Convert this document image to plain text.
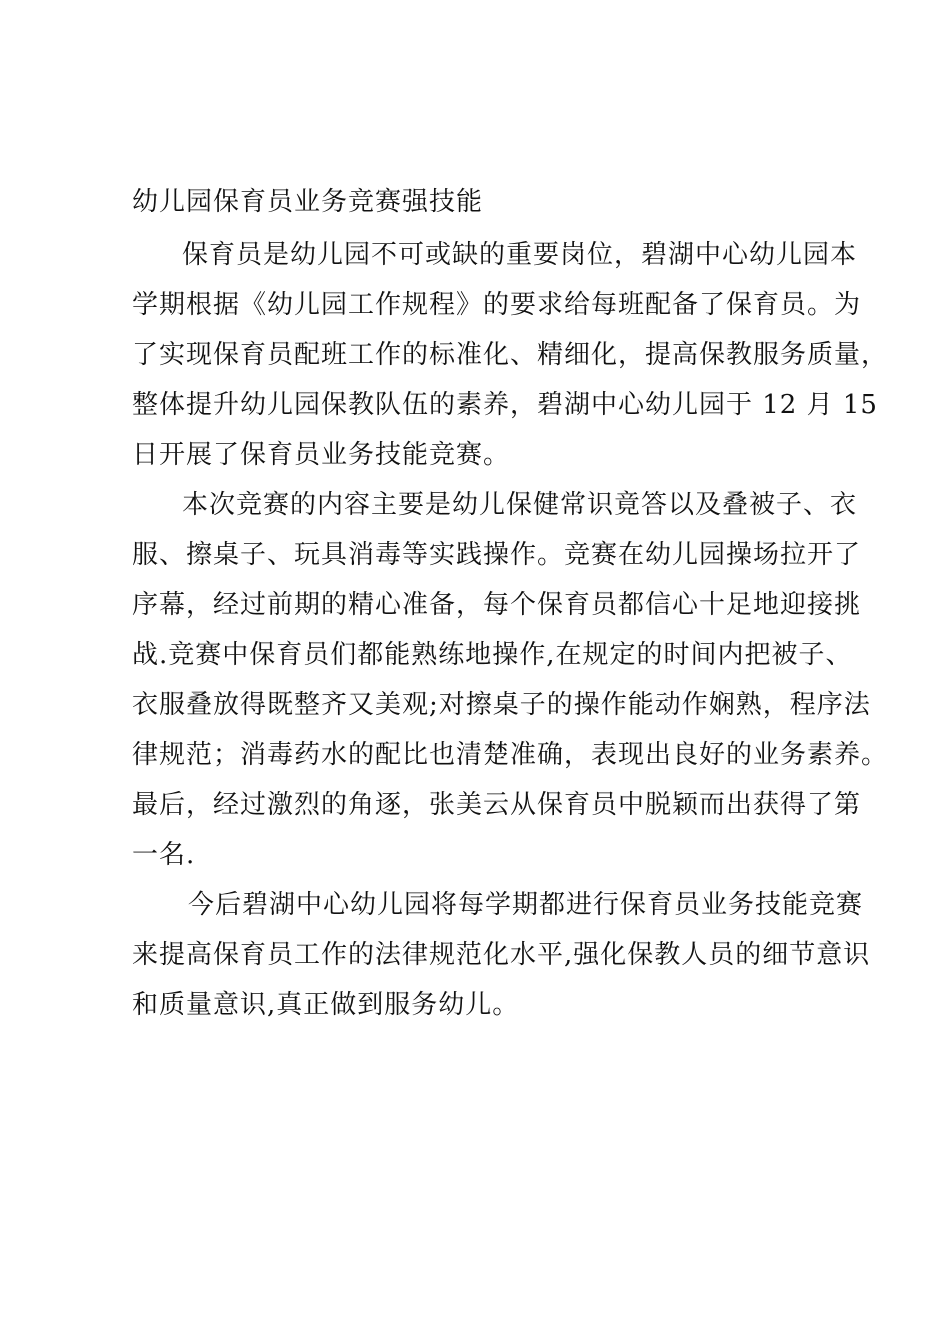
幼儿园保育员业务竞赛强技能
保育员是幼儿园不可或缺的重要岗位，碧湖中心幼儿园本
学期根据《幼儿园工作规程》的要求给每班配备了保育员。为
了实现保育员配班工作的标准化、精细化，提高保教服务质量，
整体提升幼儿园保教队伍的素养，碧湖中心幼儿园于 12 月 15
日开展了保育员业务技能竞赛。
本次竞赛的内容主要是幼儿保健常识竟答以及叠被子、衣
服、擦桌子、玩具消毒等实践操作。竞赛在幼儿园操场拉开了
序幕，经过前期的精心准备，每个保育员都信心十足地迎接挑
战.竞赛中保育员们都能熟练地操作,在规定的时间内把被子、
衣服叠放得既整齐又美观;对擦桌子的操作能动作娴熟，程序法
律规范；消毒药水的配比也清楚准确，表现出良好的业务素养。
最后，经过激烈的角逐，张美云从保育员中脱颖而出获得了第
一名.
今后碧湖中心幼儿园将每学期都进行保育员业务技能竞赛
来提高保育员工作的法律规范化水平,强化保教人员的细节意识
和质量意识,真正做到服务幼儿。
